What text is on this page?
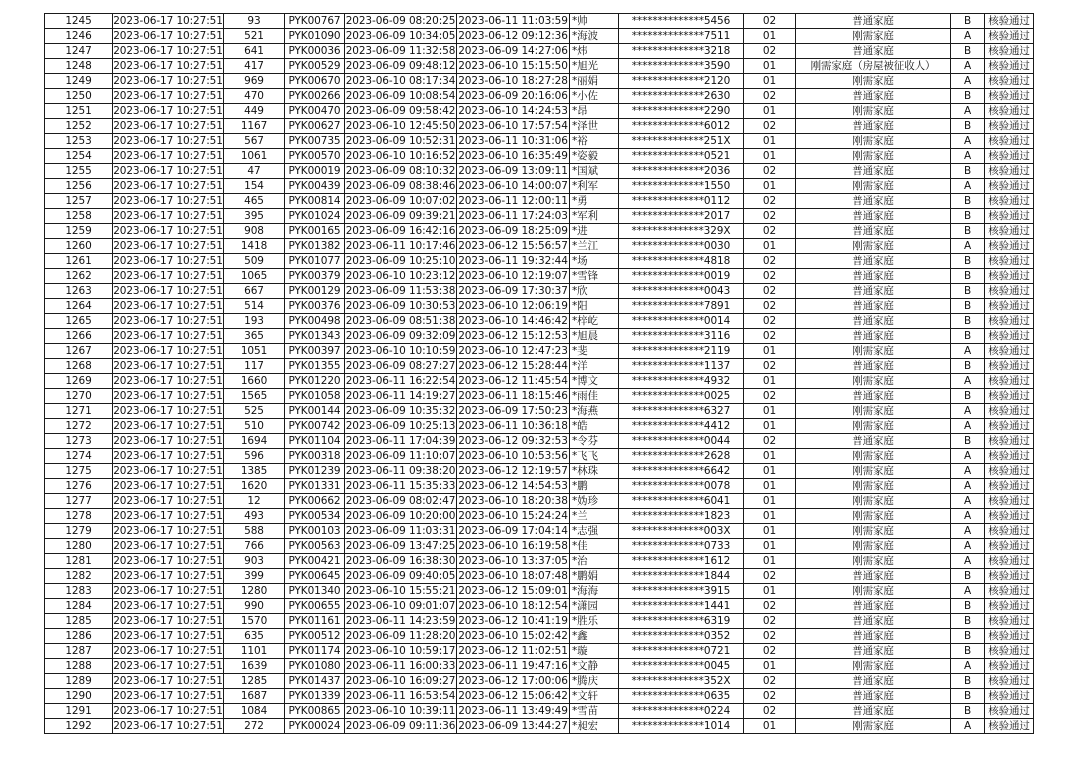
1245	2023-06-17 10:27:51	93	PYK00767	2023-06-09 08:20:25	2023-06-11 11:03:59	*帅	**************5456	02	普通家庭	B	核验通过
1246	2023-06-17 10:27:51	521	PYK01090	2023-06-09 10:34:05	2023-06-12 09:12:36	*海波	**************7511	01	刚需家庭	A	核验通过
1247	2023-06-17 10:27:51	641	PYK00036	2023-06-09 11:32:58	2023-06-09 14:27:06	*炜	**************3218	02	普通家庭	B	核验通过
1248	2023-06-17 10:27:51	417	PYK00529	2023-06-09 09:48:12	2023-06-10 15:15:50	*旭光	**************3590	01	刚需家庭（房屋被征收人）	A	核验通过
1249	2023-06-17 10:27:51	969	PYK00670	2023-06-10 08:17:34	2023-06-10 18:27:28	*丽娟	**************2120	01	刚需家庭	A	核验通过
1250	2023-06-17 10:27:51	470	PYK00266	2023-06-09 10:08:54	2023-06-09 20:16:06	*小佐	**************2630	02	普通家庭	B	核验通过
1251	2023-06-17 10:27:51	449	PYK00470	2023-06-09 09:58:42	2023-06-10 14:24:53	*昂	**************2290	01	刚需家庭	A	核验通过
1252	2023-06-17 10:27:51	1167	PYK00627	2023-06-10 12:45:50	2023-06-10 17:57:54	*泽世	**************6012	02	普通家庭	B	核验通过
1253	2023-06-17 10:27:51	567	PYK00735	2023-06-09 10:52:31	2023-06-11 10:31:06	*裕	**************251X	01	刚需家庭	A	核验通过
1254	2023-06-17 10:27:51	1061	PYK00570	2023-06-10 10:16:52	2023-06-10 16:35:49	*姿毅	**************0521	01	刚需家庭	A	核验通过
1255	2023-06-17 10:27:51	47	PYK00019	2023-06-09 08:10:32	2023-06-09 13:09:11	*国斌	**************2036	02	普通家庭	B	核验通过
1256	2023-06-17 10:27:51	154	PYK00439	2023-06-09 08:38:46	2023-06-10 14:00:07	*利军	**************1550	01	刚需家庭	A	核验通过
1257	2023-06-17 10:27:51	465	PYK00814	2023-06-09 10:07:02	2023-06-11 12:00:11	*勇	**************0112	02	普通家庭	B	核验通过
1258	2023-06-17 10:27:51	395	PYK01024	2023-06-09 09:39:21	2023-06-11 17:24:03	*军利	**************2017	02	普通家庭	B	核验通过
1259	2023-06-17 10:27:51	908	PYK00165	2023-06-09 16:42:16	2023-06-09 18:25:09	*进	**************329X	02	普通家庭	B	核验通过
1260	2023-06-17 10:27:51	1418	PYK01382	2023-06-11 10:17:46	2023-06-12 15:56:57	*兰江	**************0030	01	刚需家庭	A	核验通过
1261	2023-06-17 10:27:51	509	PYK01077	2023-06-09 10:25:10	2023-06-11 19:32:44	*场	**************4818	02	普通家庭	B	核验通过
1262	2023-06-17 10:27:51	1065	PYK00379	2023-06-10 10:23:12	2023-06-10 12:19:07	*雪锋	**************0019	02	普通家庭	B	核验通过
1263	2023-06-17 10:27:51	667	PYK00129	2023-06-09 11:53:38	2023-06-09 17:30:37	*欣	**************0043	02	普通家庭	B	核验通过
1264	2023-06-17 10:27:51	514	PYK00376	2023-06-09 10:30:53	2023-06-10 12:06:19	*阳	**************7891	02	普通家庭	B	核验通过
1265	2023-06-17 10:27:51	193	PYK00498	2023-06-09 08:51:38	2023-06-10 14:46:42	*梓屹	**************0014	02	普通家庭	B	核验通过
1266	2023-06-17 10:27:51	365	PYK01343	2023-06-09 09:32:09	2023-06-12 15:12:53	*旭晨	**************3116	02	普通家庭	B	核验通过
1267	2023-06-17 10:27:51	1051	PYK00397	2023-06-10 10:10:59	2023-06-10 12:47:23	*斐	**************2119	01	刚需家庭	A	核验通过
1268	2023-06-17 10:27:51	117	PYK01355	2023-06-09 08:27:27	2023-06-12 15:28:44	*洋	**************1137	02	普通家庭	B	核验通过
1269	2023-06-17 10:27:51	1660	PYK01220	2023-06-11 16:22:54	2023-06-12 11:45:54	*博文	**************4932	01	刚需家庭	A	核验通过
1270	2023-06-17 10:27:51	1565	PYK01058	2023-06-11 14:19:27	2023-06-11 18:15:46	*雨佳	**************0025	02	普通家庭	B	核验通过
1271	2023-06-17 10:27:51	525	PYK00144	2023-06-09 10:35:32	2023-06-09 17:50:23	*海燕	**************6327	01	刚需家庭	A	核验通过
1272	2023-06-17 10:27:51	510	PYK00742	2023-06-09 10:25:13	2023-06-11 10:36:18	*皓	**************4412	01	刚需家庭	A	核验通过
1273	2023-06-17 10:27:51	1694	PYK01104	2023-06-11 17:04:39	2023-06-12 09:32:53	*令芬	**************0044	02	普通家庭	B	核验通过
1274	2023-06-17 10:27:51	596	PYK00318	2023-06-09 11:10:07	2023-06-10 10:53:56	*飞飞	**************2628	01	刚需家庭	A	核验通过
1275	2023-06-17 10:27:51	1385	PYK01239	2023-06-11 09:38:20	2023-06-12 12:19:57	*林珠	**************6642	01	刚需家庭	A	核验通过
1276	2023-06-17 10:27:51	1620	PYK01331	2023-06-11 15:35:33	2023-06-12 14:54:53	*鹏	**************0078	01	刚需家庭	A	核验通过
1277	2023-06-17 10:27:51	12	PYK00662	2023-06-09 08:02:47	2023-06-10 18:20:38	*妫珍	**************6041	01	刚需家庭	A	核验通过
1278	2023-06-17 10:27:51	493	PYK00534	2023-06-09 10:20:00	2023-06-10 15:24:24	*兰	**************1823	01	刚需家庭	A	核验通过
1279	2023-06-17 10:27:51	588	PYK00103	2023-06-09 11:03:31	2023-06-09 17:04:14	*志强	**************003X	01	刚需家庭	A	核验通过
1280	2023-06-17 10:27:51	766	PYK00563	2023-06-09 13:47:25	2023-06-10 16:19:58	*佳	**************0733	01	刚需家庭	A	核验通过
1281	2023-06-17 10:27:51	903	PYK00421	2023-06-09 16:38:30	2023-06-10 13:37:05	*治	**************1612	01	刚需家庭	A	核验通过
1282	2023-06-17 10:27:51	399	PYK00645	2023-06-09 09:40:05	2023-06-10 18:07:48	*鹏娟	**************1844	02	普通家庭	B	核验通过
1283	2023-06-17 10:27:51	1280	PYK01340	2023-06-10 15:55:21	2023-06-12 15:09:01	*海海	**************3915	01	刚需家庭	A	核验通过
1284	2023-06-17 10:27:51	990	PYK00655	2023-06-10 09:01:07	2023-06-10 18:12:54	*潇园	**************1441	02	普通家庭	B	核验通过
1285	2023-06-17 10:27:51	1570	PYK01161	2023-06-11 14:23:59	2023-06-12 10:41:19	*胜乐	**************6319	02	普通家庭	B	核验通过
1286	2023-06-17 10:27:51	635	PYK00512	2023-06-09 11:28:20	2023-06-10 15:02:42	*鑫	**************0352	02	普通家庭	B	核验通过
1287	2023-06-17 10:27:51	1101	PYK01174	2023-06-10 10:59:17	2023-06-12 11:02:51	*璇	**************0721	02	普通家庭	B	核验通过
1288	2023-06-17 10:27:51	1639	PYK01080	2023-06-11 16:00:33	2023-06-11 19:47:16	*文静	**************0045	01	刚需家庭	A	核验通过
1289	2023-06-17 10:27:51	1285	PYK01437	2023-06-10 16:09:27	2023-06-12 17:00:06	*腾庆	**************352X	02	普通家庭	B	核验通过
1290	2023-06-17 10:27:51	1687	PYK01339	2023-06-11 16:53:54	2023-06-12 15:06:42	*文轩	**************0635	02	普通家庭	B	核验通过
1291	2023-06-17 10:27:51	1084	PYK00865	2023-06-10 10:39:11	2023-06-11 13:49:49	*雪苗	**************0224	02	普通家庭	B	核验通过
1292	2023-06-17 10:27:51	272	PYK00024	2023-06-09 09:11:36	2023-06-09 13:44:27	*昶宏	**************1014	01	刚需家庭	A	核验通过
